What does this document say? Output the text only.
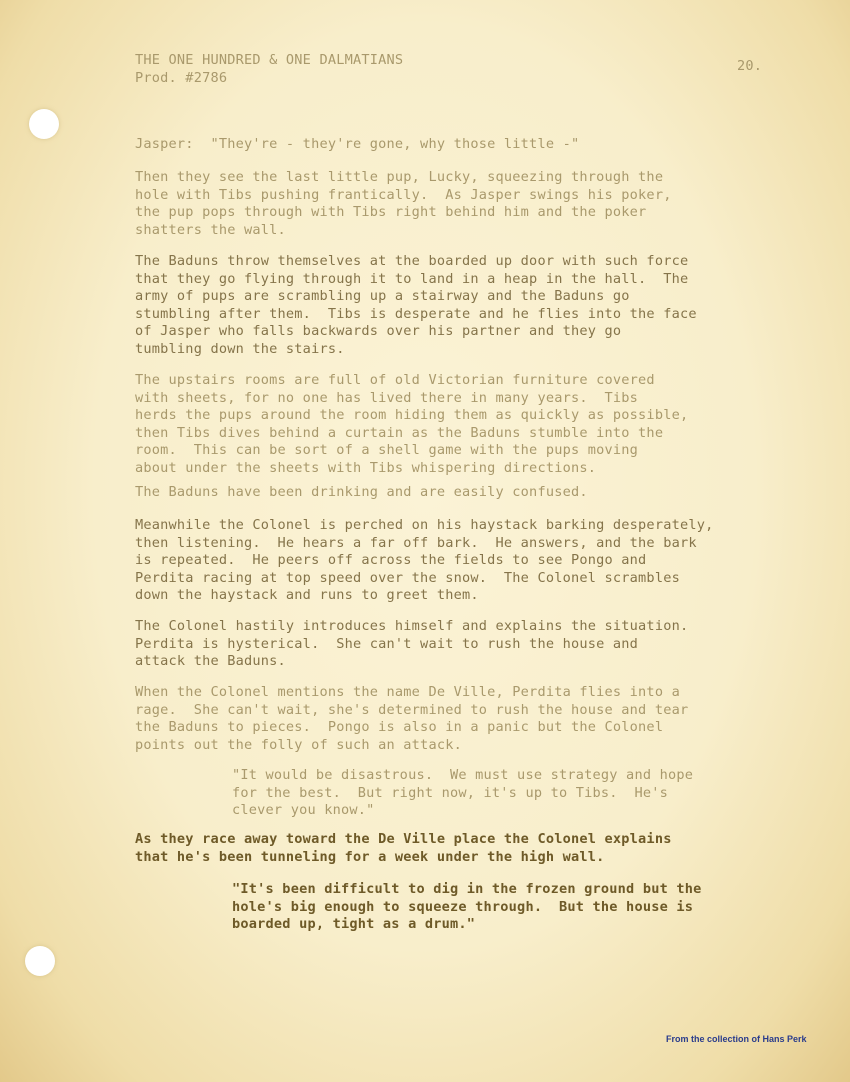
THE ONE HUNDRED & ONE DALMATIANS

Prod. #2786

20.

Jasper:  "They're - they're gone, why those little -"

Then they see the last little pup, Lucky, squeezing through the
hole with Tibs pushing frantically.  As Jasper swings his poker,
the pup pops through with Tibs right behind him and the poker
shatters the wall.

The Baduns throw themselves at the boarded up door with such force
that they go flying through it to land in a heap in the hall.  The
army of pups are scrambling up a stairway and the Baduns go
stumbling after them.  Tibs is desperate and he flies into the face
of Jasper who falls backwards over his partner and they go
tumbling down the stairs.

The upstairs rooms are full of old Victorian furniture covered
with sheets, for no one has lived there in many years.  Tibs
herds the pups around the room hiding them as quickly as possible,
then Tibs dives behind a curtain as the Baduns stumble into the
room.  This can be sort of a shell game with the pups moving
about under the sheets with Tibs whispering directions.

The Baduns have been drinking and are easily confused.

Meanwhile the Colonel is perched on his haystack barking desperately,
then listening.  He hears a far off bark.  He answers, and the bark
is repeated.  He peers off across the fields to see Pongo and
Perdita racing at top speed over the snow.  The Colonel scrambles
down the haystack and runs to greet them.

The Colonel hastily introduces himself and explains the situation.
Perdita is hysterical.  She can't wait to rush the house and
attack the Baduns.

When the Colonel mentions the name De Ville, Perdita flies into a
rage.  She can't wait, she's determined to rush the house and tear
the Baduns to pieces.  Pongo is also in a panic but the Colonel
points out the folly of such an attack.

"It would be disastrous.  We must use strategy and hope
for the best.  But right now, it's up to Tibs.  He's
clever you know."

As they race away toward the De Ville place the Colonel explains
that he's been tunneling for a week under the high wall.

"It's been difficult to dig in the frozen ground but the
hole's big enough to squeeze through.  But the house is
boarded up, tight as a drum."

From the collection of Hans Perk
